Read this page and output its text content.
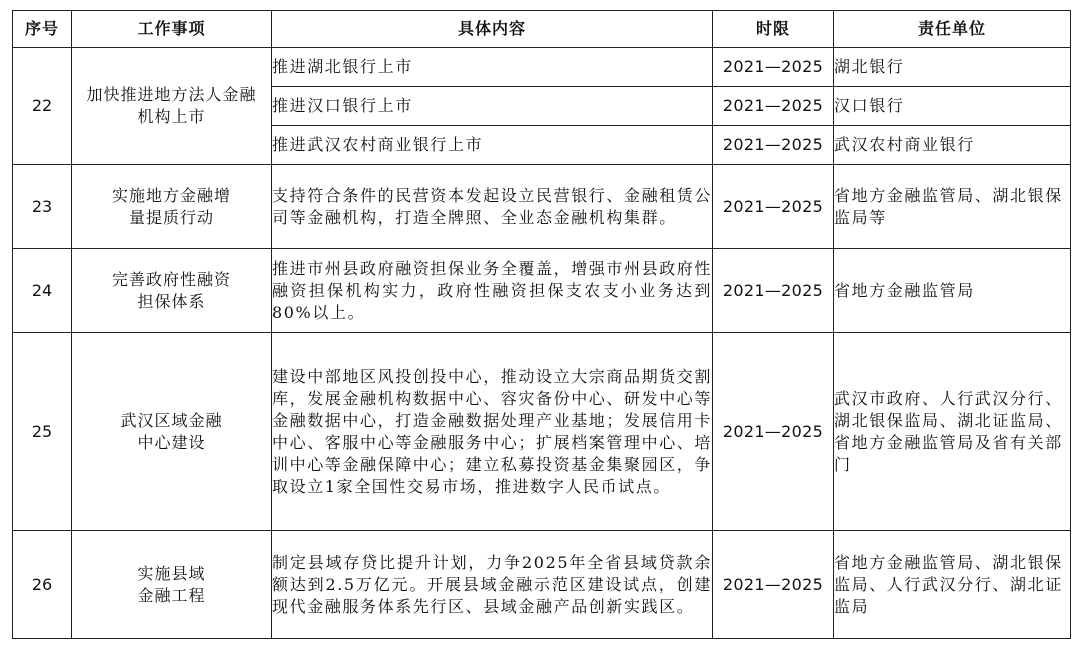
序号	工作事项	具体内容	时限	责任单位
22	加快推进地方法人金融机构上市	推进湖北银行上市	2021—2025	湖北银行
		推进汉口银行上市	2021—2025	汉口银行
		推进武汉农村商业银行上市	2021—2025	武汉农村商业银行
23	实施地方金融增量提质行动	支持符合条件的民营资本发起设立民营银行、金融租赁公司等金融机构，打造全牌照、全业态金融机构集群。	2021—2025	省地方金融监管局、湖北银保监局等
24	完善政府性融资担保体系	推进市州县政府融资担保业务全覆盖，增强市州县政府性融资担保机构实力，政府性融资担保支农支小业务达到80%以上。	2021—2025	省地方金融监管局
25	武汉区域金融中心建设	建设中部地区风投创投中心，推动设立大宗商品期货交割库，发展金融机构数据中心、容灾备份中心、研发中心等金融数据中心，打造金融数据处理产业基地；发展信用卡中心、客服中心等金融服务中心；扩展档案管理中心、培训中心等金融保障中心；建立私募投资基金集聚园区，争取设立1家全国性交易市场，推进数字人民币试点。	2021—2025	武汉市政府、人行武汉分行、湖北银保监局、湖北证监局、省地方金融监管局及省有关部门
26	实施县域金融工程	制定县域存贷比提升计划，力争2025年全省县域贷款余额达到2.5万亿元。开展县域金融示范区建设试点，创建现代金融服务体系先行区、县域金融产品创新实践区。	2021—2025	省地方金融监管局、湖北银保监局、人行武汉分行、湖北证监局
